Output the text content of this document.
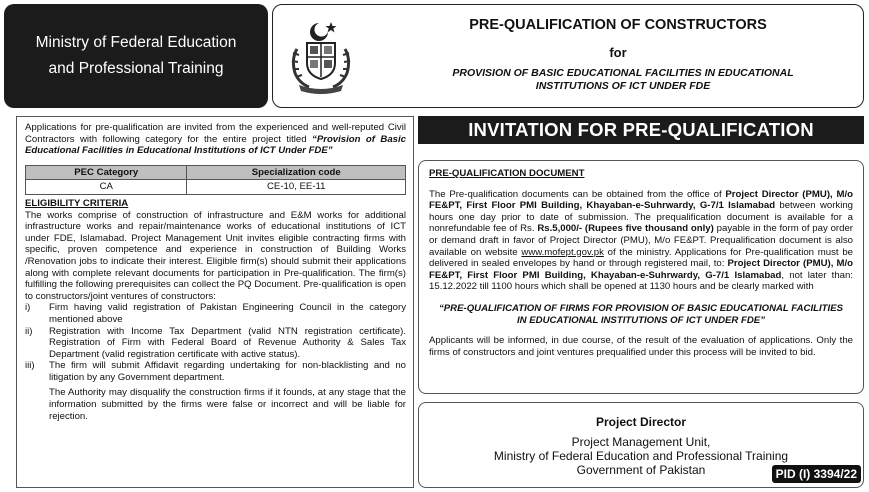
Ministry of Federal Education
and Professional Training
PRE-QUALIFICATION OF CONSTRUCTORS
for
PROVISION OF BASIC EDUCATIONAL FACILITIES IN EDUCATIONAL
INSTITUTIONS OF ICT UNDER FDE

Applications for pre-qualification are invited from the experienced and well-reputed Civil Contractors with following category for the entire project titled “Provision of Basic Educational Facilities in Educational Institutions of ICT Under FDE”

PEC Category	Specialization code
CA	CE-10, EE-11
ELIGIBILITY CRITERIA

The works comprise of construction of infrastructure and E&M works for additional infrastructure works and repair/maintenance works of educational institutions of ICT under FDE, Islamabad. Project Management Unit invites eligible contracting firms with specific, proven competence and experience in construction of Building Works /Renovation jobs to indicate their interest. Eligible firm(s) should submit their applications along with complete relevant documents for participation in Pre-qualification. The firm(s) fulfilling the following prerequisites can collect the PQ Document. Pre-qualification is open to constructors/joint ventures of constructors:

i)	Firm having valid registration of Pakistan Engineering Council in the category mentioned above
ii)	Registration with Income Tax Department (valid NTN registration certificate). Registration of Firm with Federal Board of Revenue Authority & Sales Tax Department (valid registration certificate with active status).
iii)	The firm will submit Affidavit regarding undertaking for non-blacklisting and no litigation by any Government department.

The Authority may disqualify the construction firms if it founds, at any stage that the information submitted by the firms were false or incorrect and will be liable for rejection.

INVITATION FOR PRE-QUALIFICATION
PRE-QUALIFICATION DOCUMENT

The Pre-qualification documents can be obtained from the office of Project Director (PMU), M/o FE&PT, First Floor PMI Building, Khayaban-e-Suhrwardy, G-7/1 Islamabad between working hours one day prior to date of submission. The prequalification document is available for a nonrefundable fee of Rs. Rs.5,000/- (Rupees five thousand only) payable in the form of pay order or demand draft in favor of Project Director (PMU), M/o FE&PT. Prequalification document is also available on website www.mofept.gov.pk of the ministry. Applications for Pre-qualification must be delivered in sealed envelopes by hand or through registered mail, to: Project Director (PMU), M/o FE&PT, First Floor PMI Building, Khayaban-e-Suhrwardy, G-7/1 Islamabad, not later than: 15.12.2022 till 1100 hours which shall be opened at 1130 hours and be clearly marked with

“PRE-QUALIFICATION OF FIRMS FOR PROVISION OF BASIC EDUCATIONAL FACILITIES IN EDUCATIONAL INSTITUTIONS OF ICT UNDER FDE”

Applicants will be informed, in due course, of the result of the evaluation of applications. Only the firms of constructors and joint ventures prequalified under this process will be invited to bid.

Project Director
Project Management Unit,
Ministry of Federal Education and Professional Training
Government of Pakistan	PID (I) 3394/22
